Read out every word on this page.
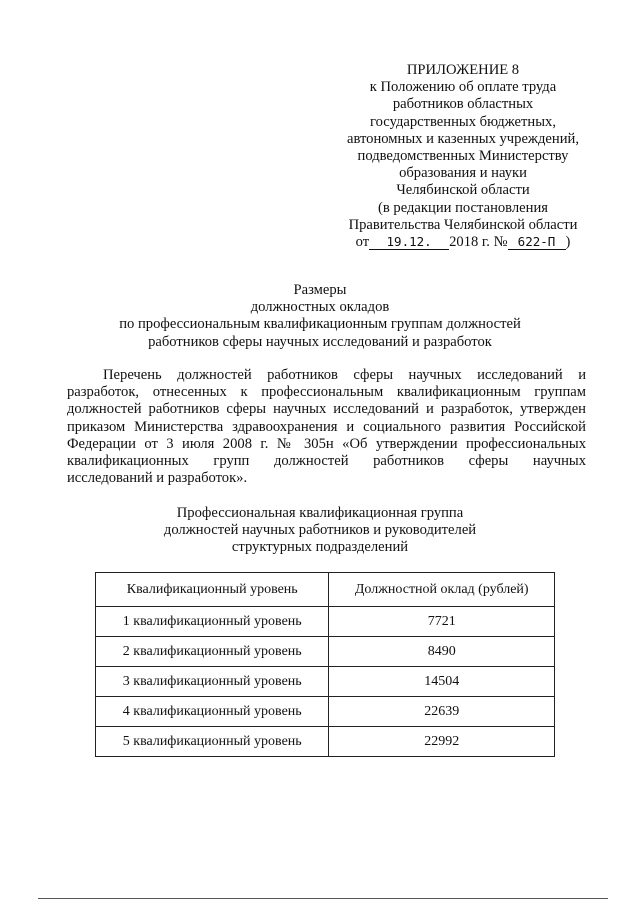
ПРИЛОЖЕНИЕ 8
к Положению об оплате труда
работников областных
государственных бюджетных,
автономных и казенных учреждений,
подведомственных Министерству
образования и науки
Челябинской области
(в редакции постановления
Правительства Челябинской области
от 19.12. 2018 г. № 622-П )
Размеры
должностных окладов
по профессиональным квалификационным группам должностей
работников сферы научных исследований и разработок
Перечень должностей работников сферы научных исследований и
разработок, отнесенных к профессиональным квалификационным группам
должностей работников сферы научных исследований и разработок, утвержден
приказом Министерства здравоохранения и социального развития Российской
Федерации от 3 июля 2008 г. № 305н «Об утверждении профессиональных
квалификационных групп должностей работников сферы научных
исследований и разработок».
Профессиональная квалификационная группа
должностей научных работников и руководителей
структурных подразделений
Квалификационный уровень	Должностной оклад (рублей)
1 квалификационный уровень	7721
2 квалификационный уровень	8490
3 квалификационный уровень	14504
4 квалификационный уровень	22639
5 квалификационный уровень	22992
